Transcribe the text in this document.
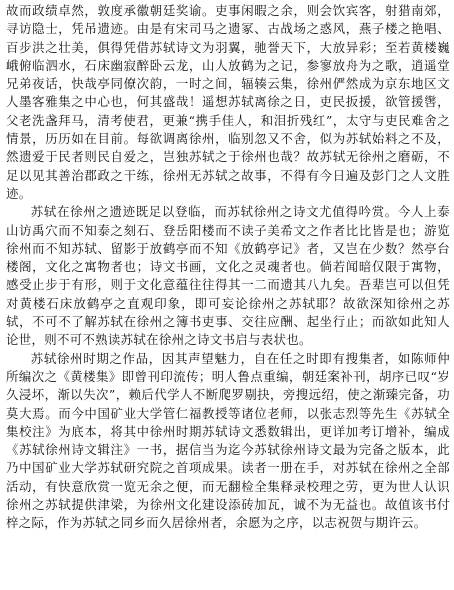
故而政绩卓然，敦度承徽朝廷奖谕。吏事闲暇之余，则会饮宾客，射猎南郊，寻访隐士，凭吊遗迹。由是有宋司马之遗冢、古战场之惑风，燕子楼之艳唱、百步洪之壮美，俱得凭借苏轼诗文为羽翼，驰誉天下，大放异彩；至若黄楼巍峨俯临泗水，石床幽寂醉卧云龙，山人放鹤为之记，参寥放舟为之歌，逍遥堂兄弟夜话，快哉亭同僚次韵，一时之间，辐辏云集，徐州俨然成为京东地区文人墨客雅集之中心也，何其盛哉！遥想苏轼离徐之日，吏民扳援，欲管援辔，父老洗盏拜马，清考使君，更兼“携手佳人，和泪折残红”，太守与吏民难舍之情景，历历如在目前。每欲调离徐州，临别忽又不舍，似为苏轼始料之不及，然遗爱于民者则民自爱之，岂独苏轼之于徐州也哉？故苏轼无徐州之磨砺，不足以见其善治郡政之干练，徐州无苏轼之故事，不得有今日遍及彭门之人文胜迹。

苏轼在徐州之遗迹既足以登临，而苏轼徐州之诗文尤值得吟赏。今人上泰山访禹穴而不知泰之刻石、登岳阳楼而不读子美希文之作者比比皆是也；游览徐州而不知苏轼、留影于放鹤亭而不知《放鹤亭记》者，又岂在少数？然亭台楼阁，文化之寓物者也；诗文书画，文化之灵魂者也。倘若闻暗仅限于寓物，感受止步于有形，则于文化意蕴往往得其一二而遗其八九矣。吾辈岂可以但凭对黄楼石床放鹤亭之直观印象，即可妄论徐州之苏轼耶？故欲深知徐州之苏轼，不可不了解苏轼在徐州之簿书吏事、交往应酬、起坐行止；而欲如此知人论世，则不可不熟读苏轼在徐州之诗文书启与表状也。

苏轼徐州时期之作品，因其声望魅力，自在任之时即有搜集者，如陈师仲所编次之《黄楼集》即曾刊印流传；明人鲁点重编，朝廷案补刊，胡序已叹“岁久浸坏，渐以失次”，赖后代学人不断爬罗剔抉，旁搜远绍，使之渐臻完备，功莫大焉。而今中国矿业大学管仁福教授等诸位老师，以张志烈等先生《苏轼全集校注》为底本，将其中徐州时期苏轼诗文悉数辑出，更详加考订增补，编成《苏轼徐州诗文辑注》一书，据信当为迄今苏轼徐州诗文最为完备之版本，此乃中国矿业大学苏轼研究院之首项成果。读者一册在手，对苏轼在徐州之全部活动，有快意欣赏一览无余之便，而无翻检全集释录校理之劳，更为世人认识徐州之苏轼提供津梁，为徐州文化建设添砖加瓦，诚不为无益也。故值该书付梓之际，作为苏轼之同乡而久居徐州者，余愿为之序，以志祝贺与期许云。
